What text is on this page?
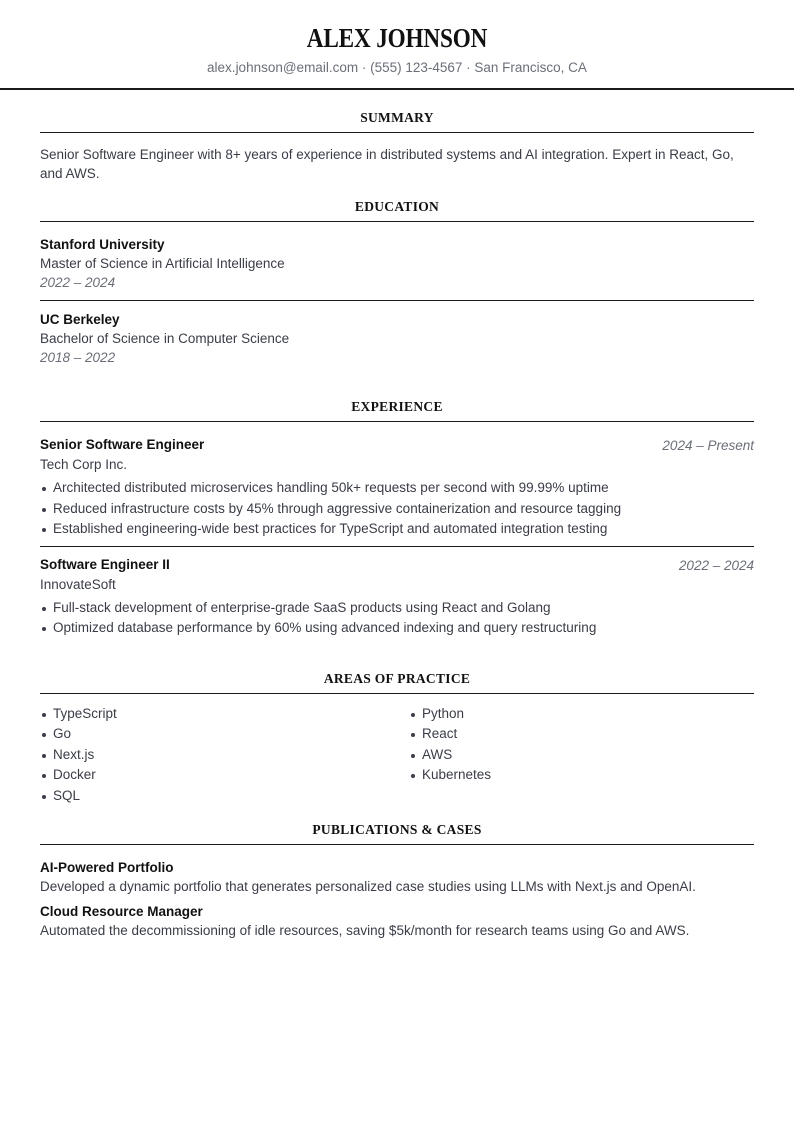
ALEX JOHNSON
alex.johnson@email.com · (555) 123-4567 · San Francisco, CA
SUMMARY
Senior Software Engineer with 8+ years of experience in distributed systems and AI integration. Expert in React, Go, and AWS.
EDUCATION
Stanford University
Master of Science in Artificial Intelligence
2022 – 2024
UC Berkeley
Bachelor of Science in Computer Science
2018 – 2022
EXPERIENCE
Senior Software Engineer	2024 – Present
Tech Corp Inc.
Architected distributed microservices handling 50k+ requests per second with 99.99% uptime
Reduced infrastructure costs by 45% through aggressive containerization and resource tagging
Established engineering-wide best practices for TypeScript and automated integration testing
Software Engineer II	2022 – 2024
InnovateSoft
Full-stack development of enterprise-grade SaaS products using React and Golang
Optimized database performance by 60% using advanced indexing and query restructuring
AREAS OF PRACTICE
TypeScript
Go
Next.js
Docker
SQL
Python
React
AWS
Kubernetes
PUBLICATIONS & CASES
AI-Powered Portfolio
Developed a dynamic portfolio that generates personalized case studies using LLMs with Next.js and OpenAI.
Cloud Resource Manager
Automated the decommissioning of idle resources, saving $5k/month for research teams using Go and AWS.
